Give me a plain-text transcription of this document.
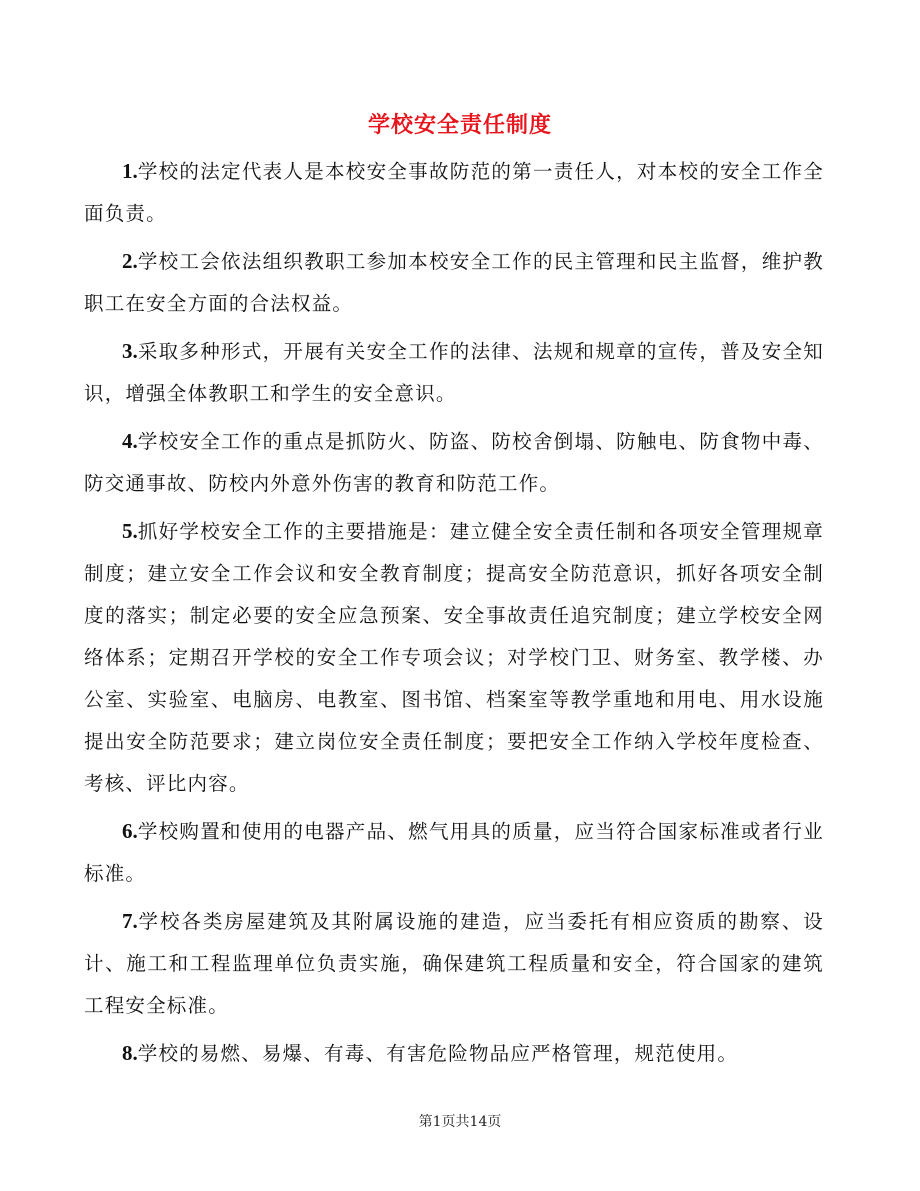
学校安全责任制度

1.学校的法定代表人是本校安全事故防范的第一责任人，对本校的安全工作全面负责。

2.学校工会依法组织教职工参加本校安全工作的民主管理和民主监督，维护教职工在安全方面的合法权益。

3.采取多种形式，开展有关安全工作的法律、法规和规章的宣传，普及安全知识，增强全体教职工和学生的安全意识。

4.学校安全工作的重点是抓防火、防盗、防校舍倒塌、防触电、防食物中毒、防交通事故、防校内外意外伤害的教育和防范工作。

5.抓好学校安全工作的主要措施是：建立健全安全责任制和各项安全管理规章制度；建立安全工作会议和安全教育制度；提高安全防范意识，抓好各项安全制度的落实；制定必要的安全应急预案、安全事故责任追究制度；建立学校安全网络体系；定期召开学校的安全工作专项会议；对学校门卫、财务室、教学楼、办公室、实验室、电脑房、电教室、图书馆、档案室等教学重地和用电、用水设施提出安全防范要求；建立岗位安全责任制度；要把安全工作纳入学校年度检查、考核、评比内容。

6.学校购置和使用的电器产品、燃气用具的质量，应当符合国家标准或者行业标准。

7.学校各类房屋建筑及其附属设施的建造，应当委托有相应资质的勘察、设计、施工和工程监理单位负责实施，确保建筑工程质量和安全，符合国家的建筑工程安全标准。

8.学校的易燃、易爆、有毒、有害危险物品应严格管理，规范使用。

第1页共14页
